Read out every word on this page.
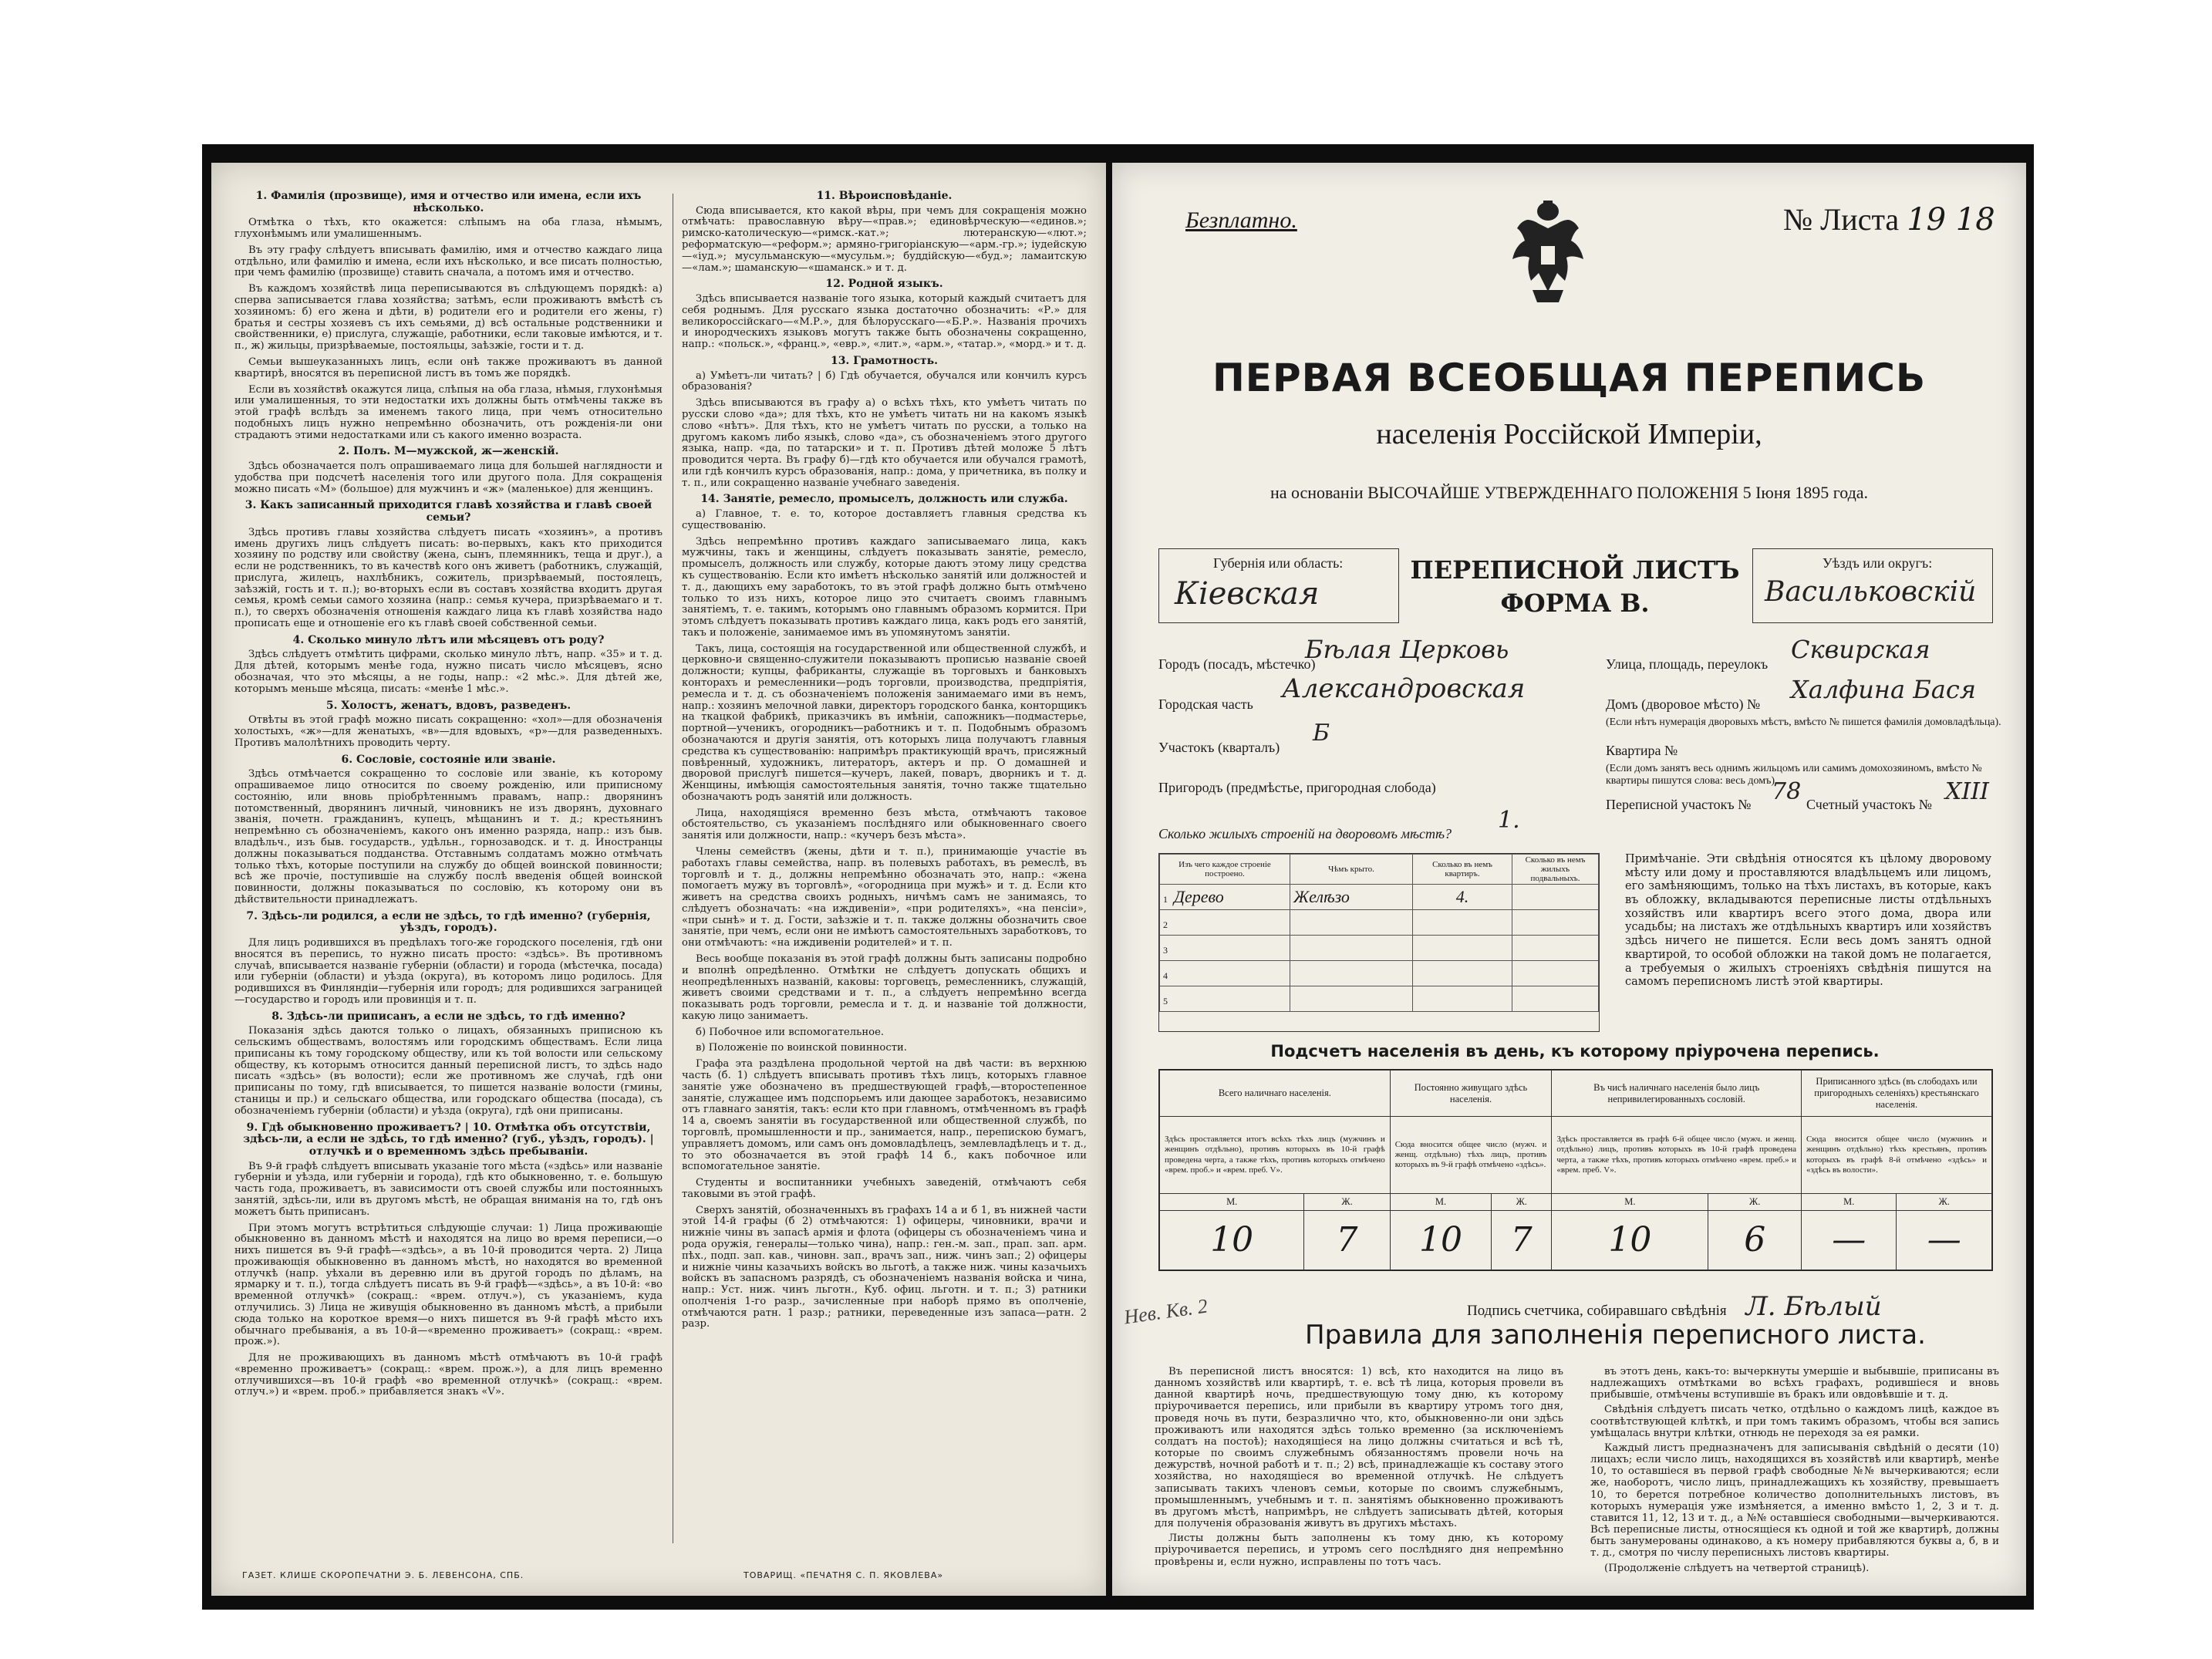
1. Фамилія (прозвище), имя и отчество или имена, если ихъ нѣсколько.

Отмѣтка о тѣхъ, кто окажется: слѣпымъ на оба глаза, нѣмымъ, глухонѣмымъ или умалишеннымъ.

Въ эту графу слѣдуетъ вписывать фамилію, имя и отчество каждаго лица отдѣльно, или фамилію и имена, если ихъ нѣсколько, и все писать полностью, при чемъ фамилію (прозвище) ставить сначала, а потомъ имя и отчество.

Въ каждомъ хозяйствѣ лица переписываются въ слѣдующемъ порядкѣ: а) сперва записывается глава хозяйства; затѣмъ, если проживаютъ вмѣстѣ съ хозяиномъ: б) его жена и дѣти, в) родители его и родители его жены, г) братья и сестры хозяевъ съ ихъ семьями, д) всѣ остальные родственники и свойственники, е) прислуга, служащіе, работники, если таковые имѣются, и т. п., ж) жильцы, призрѣваемые, постояльцы, заѣзжіе, гости и т. д.

Семьи вышеуказанныхъ лицъ, если онѣ также проживаютъ въ данной квартирѣ, вносятся въ переписной листъ въ томъ же порядкѣ.

Если въ хозяйствѣ окажутся лица, слѣпыя на оба глаза, нѣмыя, глухонѣмыя или умалишенныя, то эти недостатки ихъ должны быть отмѣчены также въ этой графѣ вслѣдъ за именемъ такого лица, при чемъ относительно подобныхъ лицъ нужно непремѣнно обозначить, отъ рожденія-ли они страдаютъ этими недостатками или съ какого именно возраста.

2. Полъ. М—мужской, ж—женскій.

Здѣсь обозначается полъ опрашиваемаго лица для большей наглядности и удобства при подсчетѣ населенія того или другого пола. Для сокращенія можно писать «М» (большое) для мужчинъ и «ж» (маленькое) для женщинъ.

3. Какъ записанный приходится главѣ хозяйства и главѣ своей семьи?

Здѣсь противъ главы хозяйства слѣдуетъ писать «хозяинъ», а противъ имень другихъ лицъ слѣдуетъ писать: во-первыхъ, какъ кто приходится хозяину по родству или свойству (жена, сынъ, племянникъ, теща и друг.), а если не родственникъ, то въ качествѣ кого онъ живетъ (работникъ, служащій, прислуга, жилецъ, нахлѣбникъ, сожитель, призрѣваемый, постоялецъ, заѣзжій, гость и т. п.); во-вторыхъ если въ составъ хозяйства входитъ другая семья, кромѣ семьи самого хозяина (напр.: семья кучера, призрѣваемаго и т. п.), то сверхъ обозначенія отношенія каждаго лица къ главѣ хозяйства надо прописать еще и отношеніе его къ главѣ своей собственной семьи.

4. Сколько минуло лѣтъ или мѣсяцевъ отъ роду?

Здѣсь слѣдуетъ отмѣтить цифрами, сколько минуло лѣтъ, напр. «35» и т. д. Для дѣтей, которымъ менѣе года, нужно писать число мѣсяцевъ, ясно обозначая, что это мѣсяцы, а не годы, напр.: «2 мѣс.». Для дѣтей же, которымъ меньше мѣсяца, писать: «менѣе 1 мѣс.».

5. Холостъ, женатъ, вдовъ, разведенъ.

Отвѣты въ этой графѣ можно писать сокращенно: «хол»—для обозначенія холостыхъ, «ж»—для женатыхъ, «в»—для вдовыхъ, «р»—для разведенныхъ. Противъ малолѣтнихъ проводить черту.

6. Сословіе, состояніе или званіе.

Здѣсь отмѣчается сокращенно то сословіе или званіе, къ которому опрашиваемое лицо относится по своему рожденію, или приписному состоянію, или вновь пріобрѣтеннымъ правамъ, напр.: дворянинъ потомственный, дворянинъ личный, чиновникъ не изъ дворянъ, духовнаго званія, почетн. гражданинъ, купецъ, мѣщанинъ и т. д.; крестьянинъ непремѣнно съ обозначеніемъ, какого онъ именно разряда, напр.: изъ быв. владѣльч., изъ быв. государств., удѣльн., горнозаводск. и т. д. Иностранцы должны показываться подданства. Отставнымъ солдатамъ можно отмѣчать только тѣхъ, которые поступили на службу до общей воинской повинности; всѣ же прочіе, поступившіе на службу послѣ введенія общей воинской повинности, должны показываться по сословію, къ которому они въ дѣйствительности принадлежатъ.

7. Здѣсь-ли родился, а если не здѣсь, то гдѣ именно? (губернія, уѣздъ, городъ).

Для лицъ родившихся въ предѣлахъ того-же городского поселенія, гдѣ они вносятся въ перепись, то нужно писать просто: «здѣсь». Въ противномъ случаѣ, вписывается названіе губерніи (области) и города (мѣстечка, посада) или губерніи (области) и уѣзда (округа), въ которомъ лицо родилось. Для родившихся въ Финляндіи—губернія или городъ; для родившихся заграницей—государство и городъ или провинція и т. п.

8. Здѣсь-ли приписанъ, а если не здѣсь, то гдѣ именно?

Показанія здѣсь даются только о лицахъ, обязанныхъ приписною къ сельскимъ обществамъ, волостямъ или городскимъ обществамъ. Если лица приписаны къ тому городскому обществу, или къ той волости или сельскому обществу, къ которымъ относится данный переписной листъ, то здѣсь надо писать «здѣсь» (въ волости); если же противномъ же случаѣ, гдѣ они приписаны по тому, гдѣ вписывается, то пишется названіе волости (гмины, станицы и пр.) и сельскаго общества, или городскаго общества (посада), съ обозначеніемъ губерніи (области) и уѣзда (округа), гдѣ они приписаны.

9. Гдѣ обыкновенно проживаетъ? | 10. Отмѣтка объ отсутствіи, здѣсь-ли, а если не здѣсь, то гдѣ именно? (губ., уѣздъ, городъ). | отлучкѣ и о временномъ здѣсь пребываніи.

Въ 9-й графѣ слѣдуетъ вписывать указаніе того мѣста («здѣсь» или названіе губерніи и уѣзда, или губерніи и города), гдѣ кто обыкновенно, т. е. большую часть года, проживаетъ, въ зависимости отъ своей службы или постоянныхъ занятій, здѣсь-ли, или въ другомъ мѣстѣ, не обращая вниманія на то, гдѣ онъ можетъ быть приписанъ.

При этомъ могутъ встрѣтиться слѣдующіе случаи: 1) Лица проживающіе обыкновенно въ данномъ мѣстѣ и находятся на лицо во время переписи,—о нихъ пишется въ 9-й графѣ—«здѣсь», а въ 10-й проводится черта. 2) Лица проживающія обыкновенно въ данномъ мѣстѣ, но находятся во временной отлучкѣ (напр. уѣхали въ деревню или въ другой городъ по дѣламъ, на ярмарку и т. п.), тогда слѣдуетъ писать въ 9-й графѣ—«здѣсь», а въ 10-й: «во временной отлучкѣ» (сокращ.: «врем. отлуч.»), съ указаніемъ, куда отлучились. 3) Лица не живущія обыкновенно въ данномъ мѣстѣ, а прибыли сюда только на короткое время—о нихъ пишется въ 9-й графѣ мѣсто ихъ обычнаго пребыванія, а въ 10-й—«временно проживаетъ» (сокращ.: «врем. прож.»).

Для не проживающихъ въ данномъ мѣстѣ отмѣчаютъ въ 10-й графѣ «временно проживаетъ» (сокращ.: «врем. прож.»), а для лицъ временно отлучившихся—въ 10-й графѣ «во временной отлучкѣ» (сокращ.: «врем. отлуч.») и «врем. проб.» прибавляется знакъ «V».

11. Вѣроисповѣданіе.

Сюда вписывается, кто какой вѣры, при чемъ для сокращенія можно отмѣчать: православную вѣру—«прав.»; единовѣрческую—«единов.»; римско-католическую—«римск.-кат.»; лютеранскую—«лют.»; реформатскую—«реформ.»; армяно-григоріанскую—«арм.-гр.»; іудейскую—«іуд.»; мусульманскую—«мусульм.»; буддійскую—«буд.»; ламаитскую—«лам.»; шаманскую—«шаманск.» и т. д.

12. Родной языкъ.

Здѣсь вписывается названіе того языка, который каждый считаетъ для себя роднымъ. Для русскаго языка достаточно обозначить: «Р.» для великороссійскаго—«М.Р.», для бѣлорусскаго—«Б.Р.». Названія прочихъ и инородческихъ языковъ могутъ также быть обозначены сокращенно, напр.: «польск.», «франц.», «евр.», «лит.», «арм.», «татар.», «морд.» и т. д.

13. Грамотность.

а) Умѣетъ-ли читать? | б) Гдѣ обучается, обучался или кончилъ курсъ образованія?

Здѣсь вписываются въ графу а) о всѣхъ тѣхъ, кто умѣетъ читать по русски слово «да»; для тѣхъ, кто не умѣетъ читать ни на какомъ языкѣ слово «нѣтъ». Для тѣхъ, кто не умѣетъ читать по русски, а только на другомъ какомъ либо языкѣ, слово «да», съ обозначеніемъ этого другого языка, напр. «да, по татарски» и т. п. Противъ дѣтей моложе 5 лѣтъ проводится черта. Въ графу б)—гдѣ кто обучается или обучался грамотѣ, или гдѣ кончилъ курсъ образованія, напр.: дома, у причетника, въ полку и т. п., или сокращенно названіе учебнаго заведенія.

14. Занятіе, ремесло, промыселъ, должность или служба.

а) Главное, т. е. то, которое доставляетъ главныя средства къ существованію.

Здѣсь непремѣнно противъ каждаго записываемаго лица, какъ мужчины, такъ и женщины, слѣдуетъ показывать занятіе, ремесло, промыселъ, должность или службу, которые даютъ этому лицу средства къ существованію. Если кто имѣетъ нѣсколько занятій или должностей и т. д., дающихъ ему заработокъ, то въ этой графѣ должно быть отмѣчено только то изъ нихъ, которое лицо это считаетъ своимъ главнымъ занятіемъ, т. е. такимъ, которымъ оно главнымъ образомъ кормится. При этомъ слѣдуетъ показывать противъ каждаго лица, какъ родъ его занятій, такъ и положеніе, занимаемое имъ въ упомянутомъ занятіи.

Такъ, лица, состоящія на государственной или общественной службѣ, и церковно-и священно-служители показываютъ прописью названіе своей должности; купцы, фабриканты, служащіе въ торговыхъ и банковыхъ конторахъ и ремесленники—родъ торговли, производства, предпріятія, ремесла и т. д. съ обозначеніемъ положенія занимаемаго ими въ немъ, напр.: хозяинъ мелочной лавки, директоръ городского банка, конторщикъ на ткацкой фабрикѣ, приказчикъ въ имѣніи, сапожникъ—подмастерье, портной—ученикъ, огородникъ—работникъ и т. п. Подобнымъ образомъ обозначаются и другія занятія, отъ которыхъ лица получаютъ главныя средства къ существованію: напримѣръ практикующій врачъ, присяжный повѣренный, художникъ, литераторъ, актеръ и пр. О домашней и дворовой прислугѣ пишется—кучеръ, лакей, поваръ, дворникъ и т. д. Женщины, имѣющія самостоятельныя занятія, точно также тщательно обозначаютъ родъ занятій или должность.

Лица, находящіяся временно безъ мѣста, отмѣчаютъ таковое обстоятельство, съ указаніемъ послѣдняго или обыкновеннаго своего занятія или должности, напр.: «кучеръ безъ мѣста».

Члены семействъ (жены, дѣти и т. п.), принимающіе участіе въ работахъ главы семейства, напр. въ полевыхъ работахъ, въ ремеслѣ, въ торговлѣ и т. д., должны непремѣнно обозначать это, напр.: «жена помогаетъ мужу въ торговлѣ», «огородница при мужѣ» и т. д. Если кто живетъ на средства своихъ родныхъ, ничѣмъ самъ не занимаясь, то слѣдуетъ обозначать: «на иждивеніи», «при родителяхъ», «на пенсіи», «при сынѣ» и т. д. Гости, заѣзжіе и т. п. также должны обозначить свое занятіе, при чемъ, если они не имѣютъ самостоятельныхъ заработковъ, то они отмѣчаютъ: «на иждивеніи родителей» и т. п.

Весь вообще показанія въ этой графѣ должны быть записаны подробно и вполнѣ опредѣленно. Отмѣтки не слѣдуетъ допускать общихъ и неопредѣленныхъ названій, каковы: торговецъ, ремесленникъ, служащій, живетъ своими средствами и т. п., а слѣдуетъ непремѣнно всегда показывать родъ торговли, ремесла и т. д. и названіе той должности, какую лицо занимаетъ.

б) Побочное или вспомогательное.

в) Положеніе по воинской повинности.

Графа эта раздѣлена продольной чертой на двѣ части: въ верхнюю часть (б. 1) слѣдуетъ вписывать противъ тѣхъ лицъ, которыхъ главное занятіе уже обозначено въ предшествующей графѣ,—второстепенное занятіе, служащее имъ подспорьемъ или дающее заработокъ, независимо отъ главнаго занятія, такъ: если кто при главномъ, отмѣченномъ въ графѣ 14 а, своемъ занятіи въ государственной или общественной службѣ, по торговлѣ, промышленности и пр., занимается, напр., перепискою бумагъ, управляетъ домомъ, или самъ онъ домовладѣлецъ, землевладѣлецъ и т. д., то это обозначается въ этой графѣ 14 б., какъ побочное или вспомогательное занятіе.

Студенты и воспитанники учебныхъ заведеній, отмѣчаютъ себя таковыми въ этой графѣ.

Сверхъ занятій, обозначенныхъ въ графахъ 14 а и б 1, въ нижней части этой 14-й графы (б 2) отмѣчаются: 1) офицеры, чиновники, врачи и нижніе чины въ запасѣ армія и флота (офицеры съ обозначеніемъ чина и рода оружія, генералы—только чина), напр.: ген.-м. зап., прап. зап. арм. пѣх., подп. зап. кав., чиновн. зап., врачъ зап., ниж. чинъ зап.; 2) офицеры и нижніе чины казачьихъ войскъ во льготѣ, а также ниж. чины казачьихъ войскъ въ запасномъ разрядѣ, съ обозначеніемъ названія войска и чина, напр.: Уст. ниж. чинъ льготн., Куб. офиц. льготн. и т. п.; 3) ратники ополченія 1-го разр., зачисленные при наборѣ прямо въ ополченіе, отмѣчаются ратн. 1 разр.; ратники, переведенные изъ запаса—ратн. 2 разр.

ГАЗЕТ. КЛИШЕ СКОРОПЕЧАТНИ Э. Б. ЛЕВЕНСОНА, СПБ.	ТОВАРИЩ. «ПЕЧАТНЯ С. П. ЯКОВЛЕВА»
Безплатно.	№ Листа 19 18
ПЕРВАЯ ВСЕОБЩАЯ ПЕРЕПИСЬ
населенія Россійской Имперіи,
на основаніи ВЫСОЧАЙШЕ УТВЕРЖДЕННАГО ПОЛОЖЕНІЯ 5 Іюня 1895 года.
Губернія или область:
Кіевская
ПЕРЕПИСНОЙ ЛИСТЪ
ФОРМА В.
Уѣздъ или округъ:
Васильковскій
Городъ (посадъ, мѣстечко)
Бѣлая Церковь	Улица, площадь, переулокъ Сквирская
Городская часть Александровская	Домъ (дворовое мѣсто) № Халфина Бася
(Если нѣтъ нумерація дворовыхъ мѣстъ, вмѣсто № пишется фамилія домовладѣльца).
Участокъ (кварталъ)
Б
Квартира №
(Если домъ занятъ весь однимъ жильцомъ или самимъ домохозяиномъ, вмѣсто № квартиры пишутся слова: весь домъ).
Пригородъ (предмѣстье, пригородная слобода)
Переписной участокъ № 78 Счетный участокъ № XIII
Сколько жилыхъ строеній на дворовомъ мѣстѣ? 1.
Изъ чего каждое строеніе построено.	Чѣмъ крыто.	Сколько въ немъ квартиръ.	Сколько въ немъ жилыхъ подвальныхъ.
1 Дерево	Желѣзо	4.	
2			
3			
4			
5			
Примѣчаніе. Эти свѣдѣнія относятся къ цѣлому дворовому мѣсту или дому и проставляются владѣльцемъ или лицомъ, его замѣняющимъ, только на тѣхъ листахъ, въ которые, какъ въ обложку, вкладываются переписные листы отдѣльныхъ хозяйствъ или квартиръ всего этого дома, двора или усадьбы; на листахъ же отдѣльныхъ квартиръ или хозяйствъ здѣсь ничего не пишется. Если весь домъ занятъ одной квартирой, то особой обложки на такой домъ не полагается, а требуемыя о жилыхъ строеніяхъ свѣдѣнія пишутся на самомъ переписномъ листѣ этой квартиры.
Подсчетъ населенія въ день, къ которому пріурочена перепись.
Всего наличнаго населенія.		Постоянно живущаго здѣсь населенія.		Въ чисѣ наличнаго населенія было лицъ непривилегированныхъ сословій.		Приписанного здѣсь (въ слободахъ или пригородныхъ селеніяхъ) крестьянскаго населенія.	
Здѣсь проставляется итогъ всѣхъ тѣхъ лицъ (мужчинъ и женщинъ отдѣльно), противъ которыхъ въ 10-й графѣ проведена черта, а также тѣхъ, противъ которыхъ отмѣчено «врем. проб.» и «врем. преб. V».		Сюда вносится общее число (мужч. и женщ. отдѣльно) тѣхъ лицъ, противъ которыхъ въ 9-й графѣ отмѣчено «здѣсь».		Здѣсь проставляется въ графѣ 6-й общее число (мужч. и женщ. отдѣльно) лицъ, противъ которыхъ въ 10-й графѣ проведена черта, а также тѣхъ, противъ которыхъ отмѣчено «врем. преб.» и «врем. преб. V».		Сюда вносится общее число (мужчинъ и женщинъ отдѣльно) тѣхъ крестьянъ, противъ которыхъ въ графѣ 8-й отмѣчено «здѣсь» и «здѣсь въ волости».	
М.	Ж.	М.	Ж.	М.	Ж.	М.	Ж.
10	7	10	7	10	6	—	—
Подпись счетчика, собиравшаго свѣдѣнія Л. Бѣлый
Нев. Кв. 2
Правила для заполненія переписного листа.

Въ переписной листъ вносятся: 1) всѣ, кто находится на лицо въ данномъ хозяйствѣ или квартирѣ, т. е. всѣ тѣ лица, которыя провели въ данной квартирѣ ночь, предшествующую тому дню, къ которому пріурочивается перепись, или прибыли въ квартиру утромъ того дня, проведя ночь въ пути, безразлично что, кто, обыкновенно-ли они здѣсь проживаютъ или находятся здѣсь только временно (за исключеніемъ солдатъ на постоѣ); находящіеся на лицо должны считаться и всѣ тѣ, которые по своимъ служебнымъ обязанностямъ провели ночь на дежурствѣ, ночной работѣ и т. п.; 2) всѣ, принадлежащіе къ составу этого хозяйства, но находящіеся во временной отлучкѣ. Не слѣдуетъ записывать такихъ членовъ семьи, которые по своимъ служебнымъ, промышленнымъ, учебнымъ и т. п. занятіямъ обыкновенно проживаютъ въ другомъ мѣстѣ, напримѣръ, не слѣдуетъ записывать дѣтей, которыя для полученія образованія живутъ въ другихъ мѣстахъ.

Листы должны быть заполнены къ тому дню, къ которому пріурочивается перепись, и утромъ сего послѣдняго дня непремѣнно провѣрены и, если нужно, исправлены по тотъ часъ.

въ этотъ день, какъ-то: вычеркнуты умершіе и выбывшіе, приписаны въ надлежащихъ отмѣтками во всѣхъ графахъ, родившіеся и вновь прибывшіе, отмѣчены вступившіе въ бракъ или овдовѣвшіе и т. д.

Свѣдѣнія слѣдуетъ писать четко, отдѣльно о каждомъ лицѣ, каждое въ соотвѣтствующей клѣткѣ, и при томъ такимъ образомъ, чтобы вся запись умѣщалась внутри клѣтки, отнюдь не переходя за ея рамки.

Каждый листъ предназначенъ для записыванія свѣдѣній о десяти (10) лицахъ; если число лицъ, находящихся въ хозяйствѣ или квартирѣ, менѣе 10, то оставшіеся въ первой графѣ свободные №№ вычеркиваются; если же, наоборотъ, число лицъ, принадлежащихъ къ хозяйству, превышаетъ 10, то берется потребное количество дополнительныхъ листовъ, въ которыхъ нумерація уже измѣняется, а именно вмѣсто 1, 2, 3 и т. д. ставится 11, 12, 13 и т. д., а №№ оставшіеся свободными—вычеркиваются. Всѣ переписные листы, относящіеся къ одной и той же квартирѣ, должны быть занумерованы одинаково, а къ номеру прибавляются буквы а, б, в и т. д., смотря по числу переписныхъ листовъ квартиры.

(Продолженіе слѣдуетъ на четвертой страницѣ).
